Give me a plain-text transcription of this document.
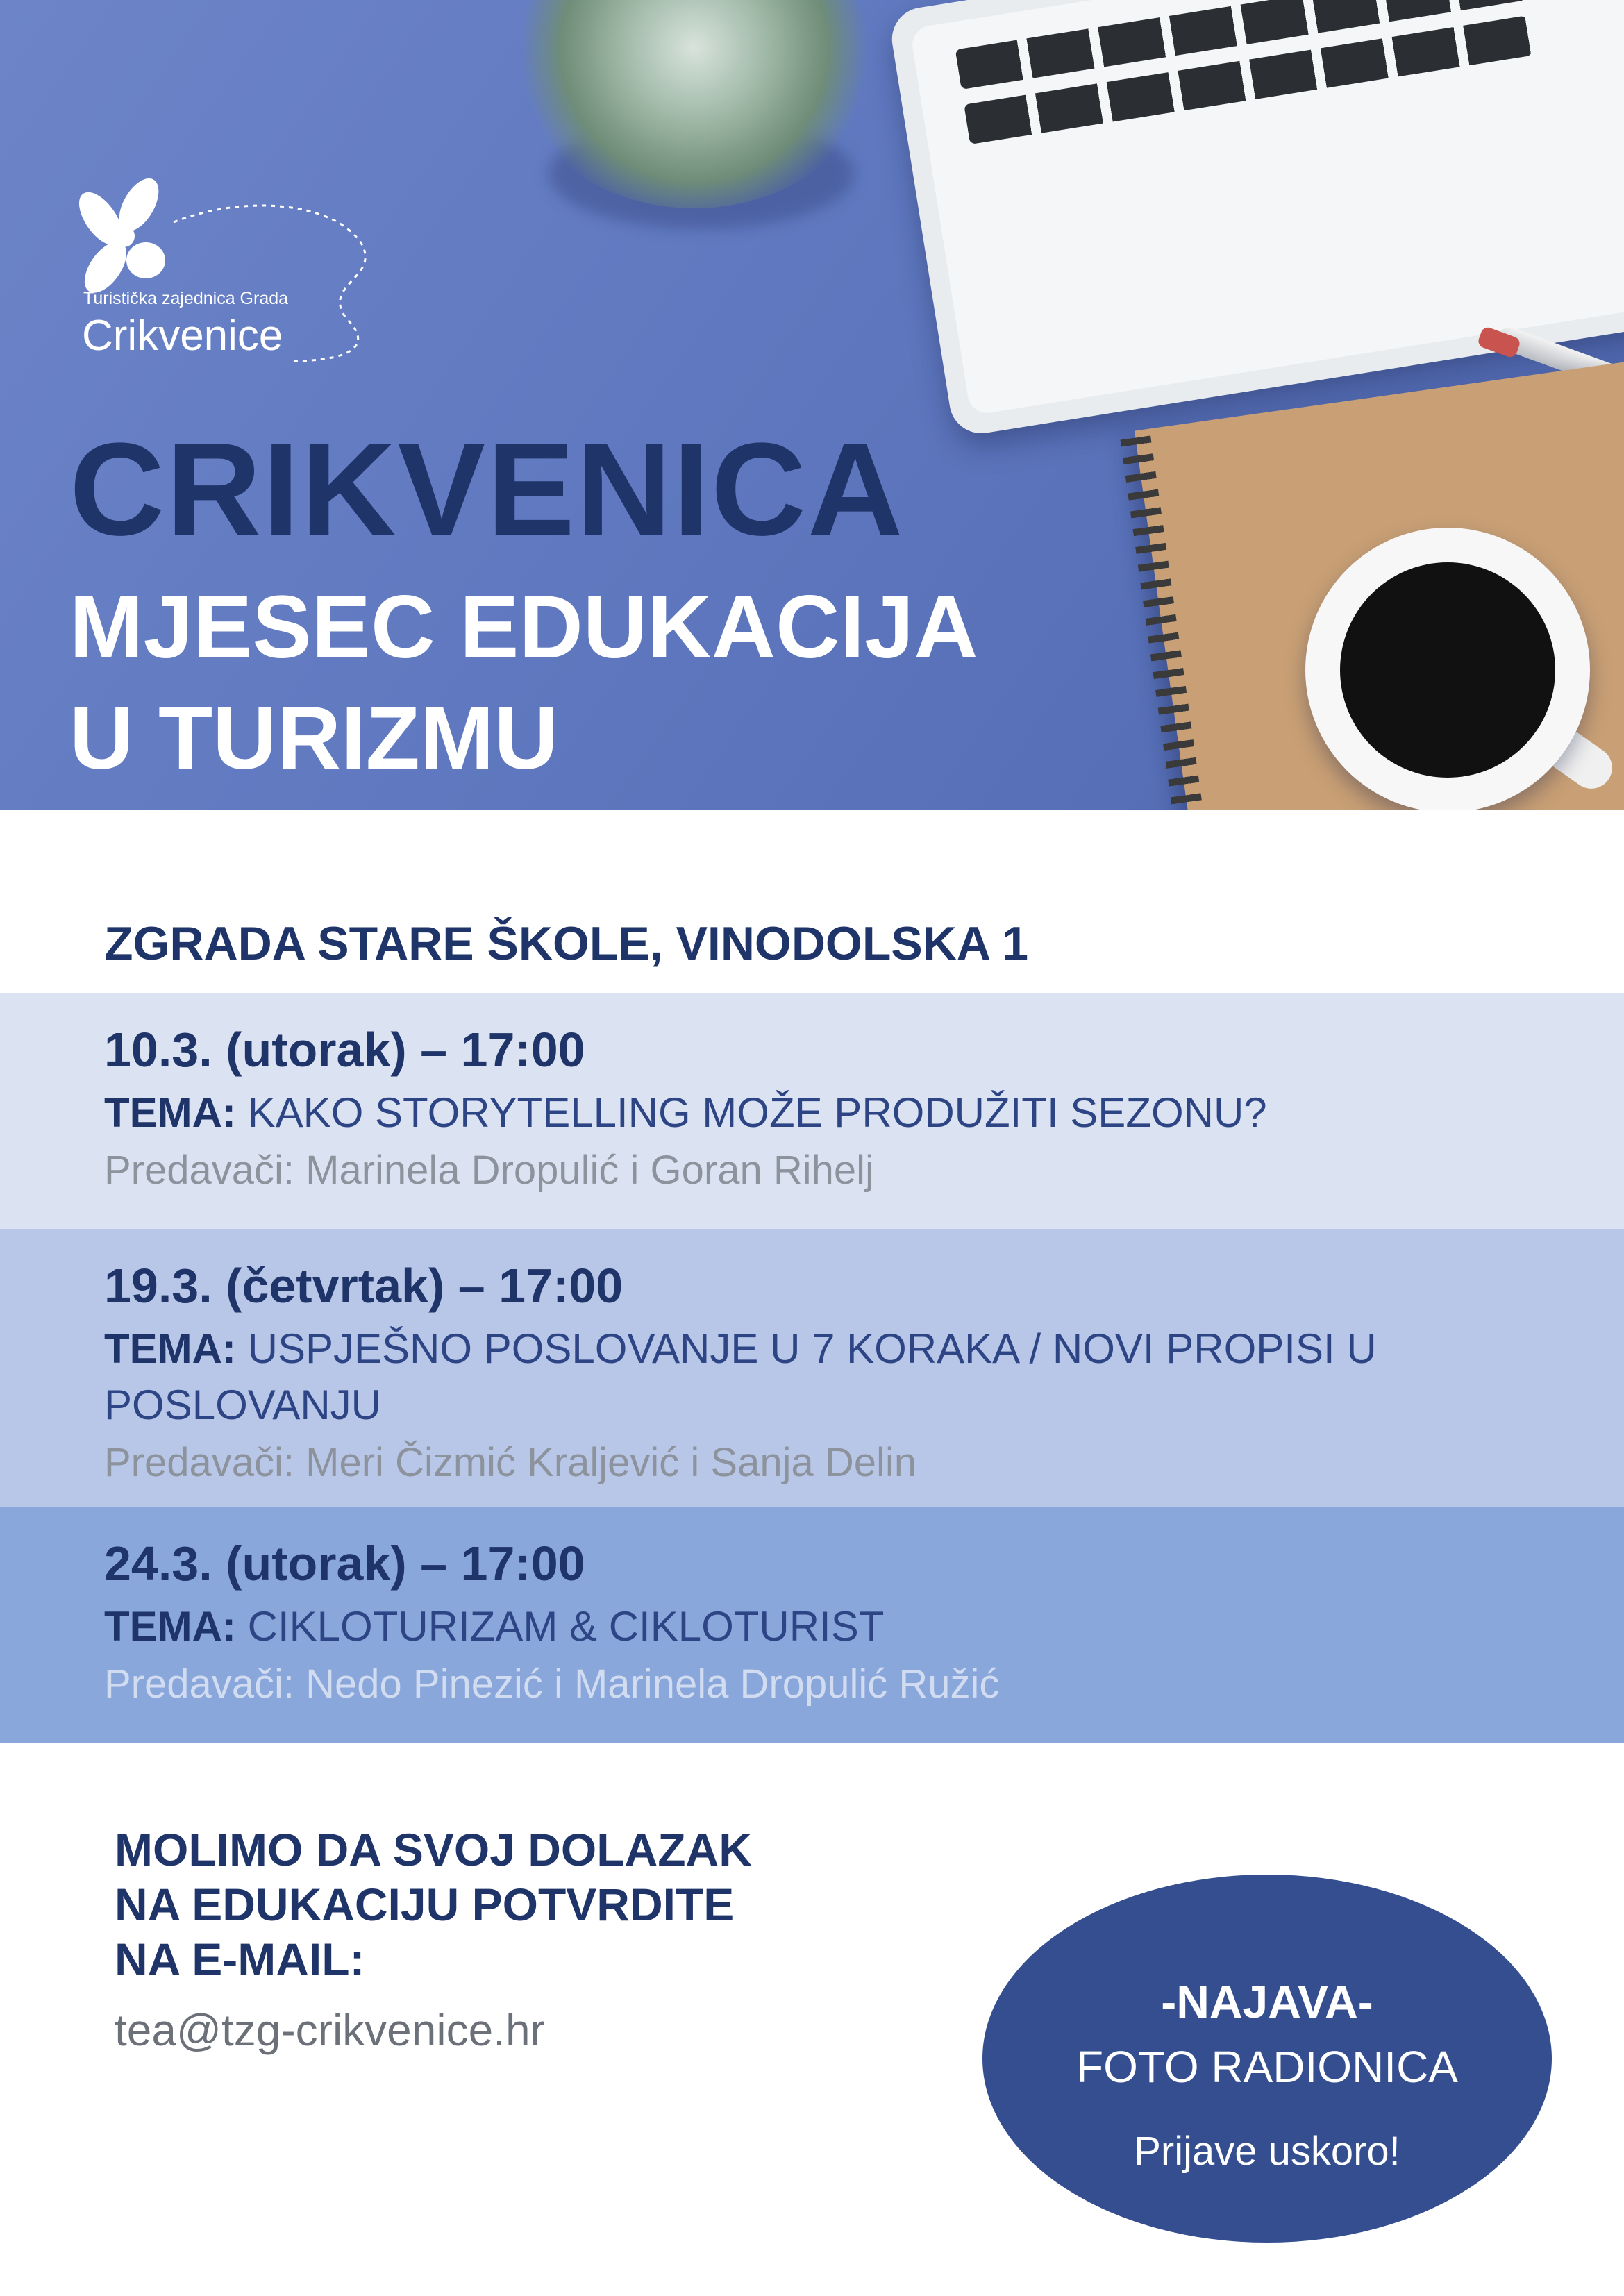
Turistička zajednica Grada
Crikvenice
CRIKVENICA
MJESEC EDUKACIJA
U TURIZMU
ZGRADA STARE ŠKOLE, VINODOLSKA 1
10.3. (utorak) – 17:00
TEMA: KAKO STORYTELLING MOŽE PRODUŽITI SEZONU?
Predavači: Marinela Dropulić i Goran Rihelj
19.3. (četvrtak) – 17:00
TEMA: USPJEŠNO POSLOVANJE U 7 KORAKA / NOVI PROPISI U POSLOVANJU
Predavači: Meri Čizmić Kraljević i Sanja Delin
24.3. (utorak) – 17:00
TEMA: CIKLOTURIZAM & CIKLOTURIST
Predavači: Nedo Pinezić i Marinela Dropulić Ružić
MOLIMO DA SVOJ DOLAZAK
NA EDUKACIJU POTVRDITE
NA E-MAIL:
tea@tzg-crikvenice.hr
-NAJAVA-
FOTO RADIONICA
Prijave uskoro!
